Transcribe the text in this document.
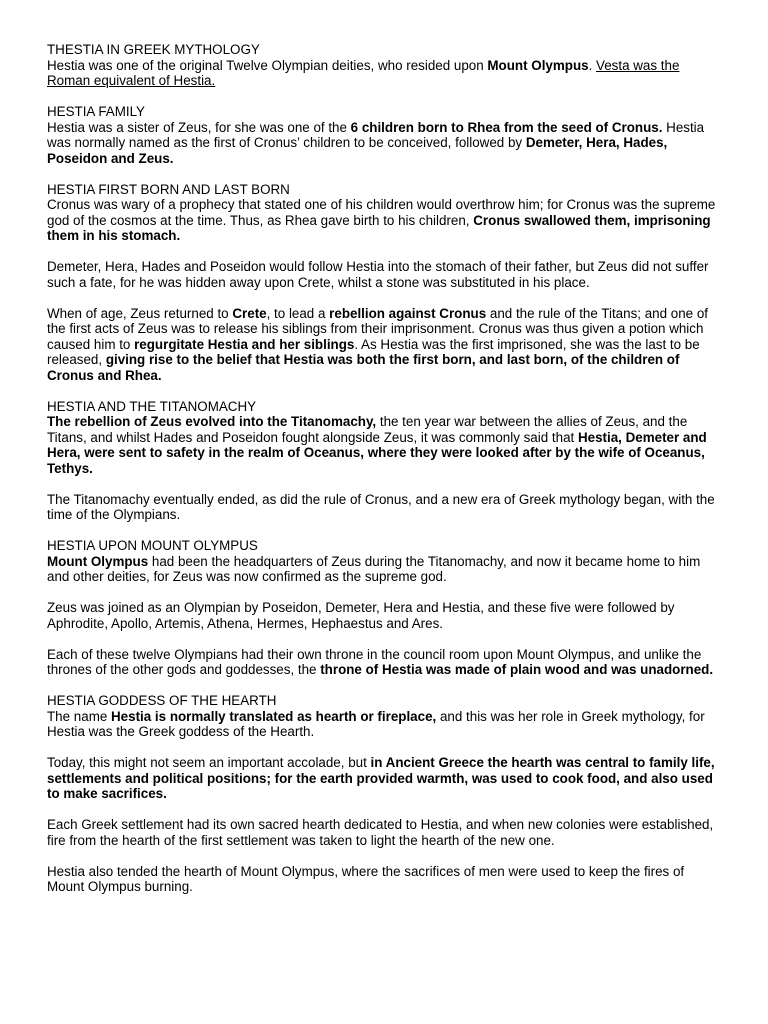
THESTIA IN GREEK MYTHOLOGY
Hestia was one of the original Twelve Olympian deities, who resided upon Mount Olympus. Vesta was the Roman equivalent of Hestia.
HESTIA FAMILY
Hestia was a sister of Zeus, for she was one of the 6 children born to Rhea from the seed of Cronus. Hestia was normally named as the first of Cronus’ children to be conceived, followed by Demeter, Hera, Hades, Poseidon and Zeus.
HESTIA FIRST BORN AND LAST BORN
Cronus was wary of a prophecy that stated one of his children would overthrow him; for Cronus was the supreme god of the cosmos at the time. Thus, as Rhea gave birth to his children, Cronus swallowed them, imprisoning them in his stomach.
Demeter, Hera, Hades and Poseidon would follow Hestia into the stomach of their father, but Zeus did not suffer such a fate, for he was hidden away upon Crete, whilst a stone was substituted in his place.
When of age, Zeus returned to Crete, to lead a rebellion against Cronus and the rule of the Titans; and one of the first acts of Zeus was to release his siblings from their imprisonment. Cronus was thus given a potion which caused him to regurgitate Hestia and her siblings. As Hestia was the first imprisoned, she was the last to be released, giving rise to the belief that Hestia was both the first born, and last born, of the children of Cronus and Rhea.
HESTIA AND THE TITANOMACHY
The rebellion of Zeus evolved into the Titanomachy, the ten year war between the allies of Zeus, and the Titans, and whilst Hades and Poseidon fought alongside Zeus, it was commonly said that Hestia, Demeter and Hera, were sent to safety in the realm of Oceanus, where they were looked after by the wife of Oceanus, Tethys.
The Titanomachy eventually ended, as did the rule of Cronus, and a new era of Greek mythology began, with the time of the Olympians.
HESTIA UPON MOUNT OLYMPUS
Mount Olympus had been the headquarters of Zeus during the Titanomachy, and now it became home to him and other deities, for Zeus was now confirmed as the supreme god.
Zeus was joined as an Olympian by Poseidon, Demeter, Hera and Hestia, and these five were followed by Aphrodite, Apollo, Artemis, Athena, Hermes, Hephaestus and Ares.
Each of these twelve Olympians had their own throne in the council room upon Mount Olympus, and unlike the thrones of the other gods and goddesses, the throne of Hestia was made of plain wood and was unadorned.
HESTIA GODDESS OF THE HEARTH
The name Hestia is normally translated as hearth or fireplace, and this was her role in Greek mythology, for Hestia was the Greek goddess of the Hearth.
Today, this might not seem an important accolade, but in Ancient Greece the hearth was central to family life, settlements and political positions; for the earth provided warmth, was used to cook food, and also used to make sacrifices.
Each Greek settlement had its own sacred hearth dedicated to Hestia, and when new colonies were established, fire from the hearth of the first settlement was taken to light the hearth of the new one.
Hestia also tended the hearth of Mount Olympus, where the sacrifices of men were used to keep the fires of Mount Olympus burning.
